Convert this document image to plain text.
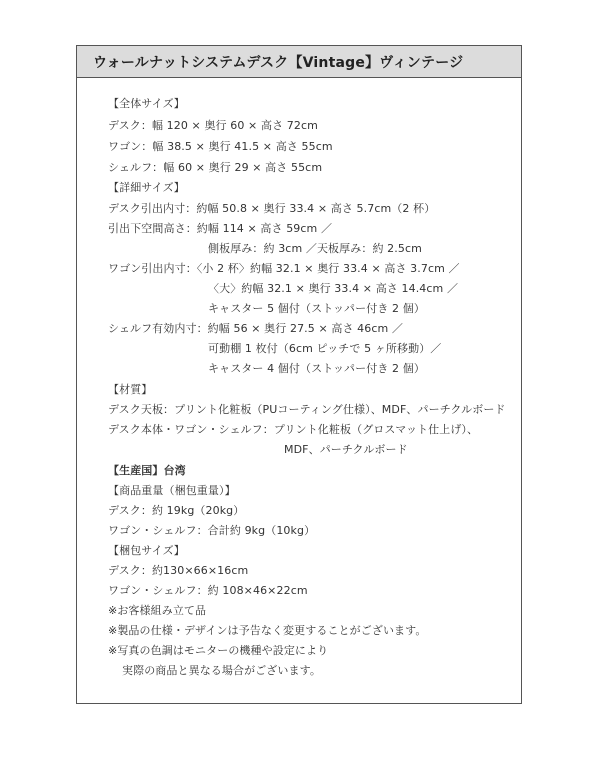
ウォールナットシステムデスク【Vintage】ヴィンテージ
【全体サイズ】
デスク：幅 120 × 奥行 60 × 高さ 72cm
ワゴン：幅 38.5 × 奥行 41.5 × 高さ 55cm
シェルフ：幅 60 × 奥行 29 × 高さ 55cm
【詳細サイズ】
デスク引出内寸：約幅 50.8 × 奥行 33.4 × 高さ 5.7cm（2 杯）
引出下空間高さ：約幅 114 × 高さ 59cm ／
側板厚み：約 3cm ／天板厚み：約 2.5cm
ワゴン引出内寸：〈小 2 杯〉約幅 32.1 × 奥行 33.4 × 高さ 3.7cm ／
〈大〉約幅 32.1 × 奥行 33.4 × 高さ 14.4cm ／
キャスター 5 個付（ストッパー付き 2 個）
シェルフ有効内寸：約幅 56 × 奥行 27.5 × 高さ 46cm ／
可動棚 1 枚付（6cm ピッチで 5 ヶ所移動）／
キャスター 4 個付（ストッパー付き 2 個）
【材質】
デスク天板：プリント化粧板（PUコーティング仕様）、MDF、パーチクルボード
デスク本体・ワゴン・シェルフ：プリント化粧板（グロスマット仕上げ）、
MDF、パーチクルボード
【生産国】台湾
【商品重量（梱包重量）】
デスク：約 19kg（20kg）
ワゴン・シェルフ：合計約 9kg（10kg）
【梱包サイズ】
デスク：約130×66×16cm
ワゴン・シェルフ：約 108×46×22cm
※お客様組み立て品
※製品の仕様・デザインは予告なく変更することがございます。
※写真の色調はモニターの機種や設定により
実際の商品と異なる場合がございます。
